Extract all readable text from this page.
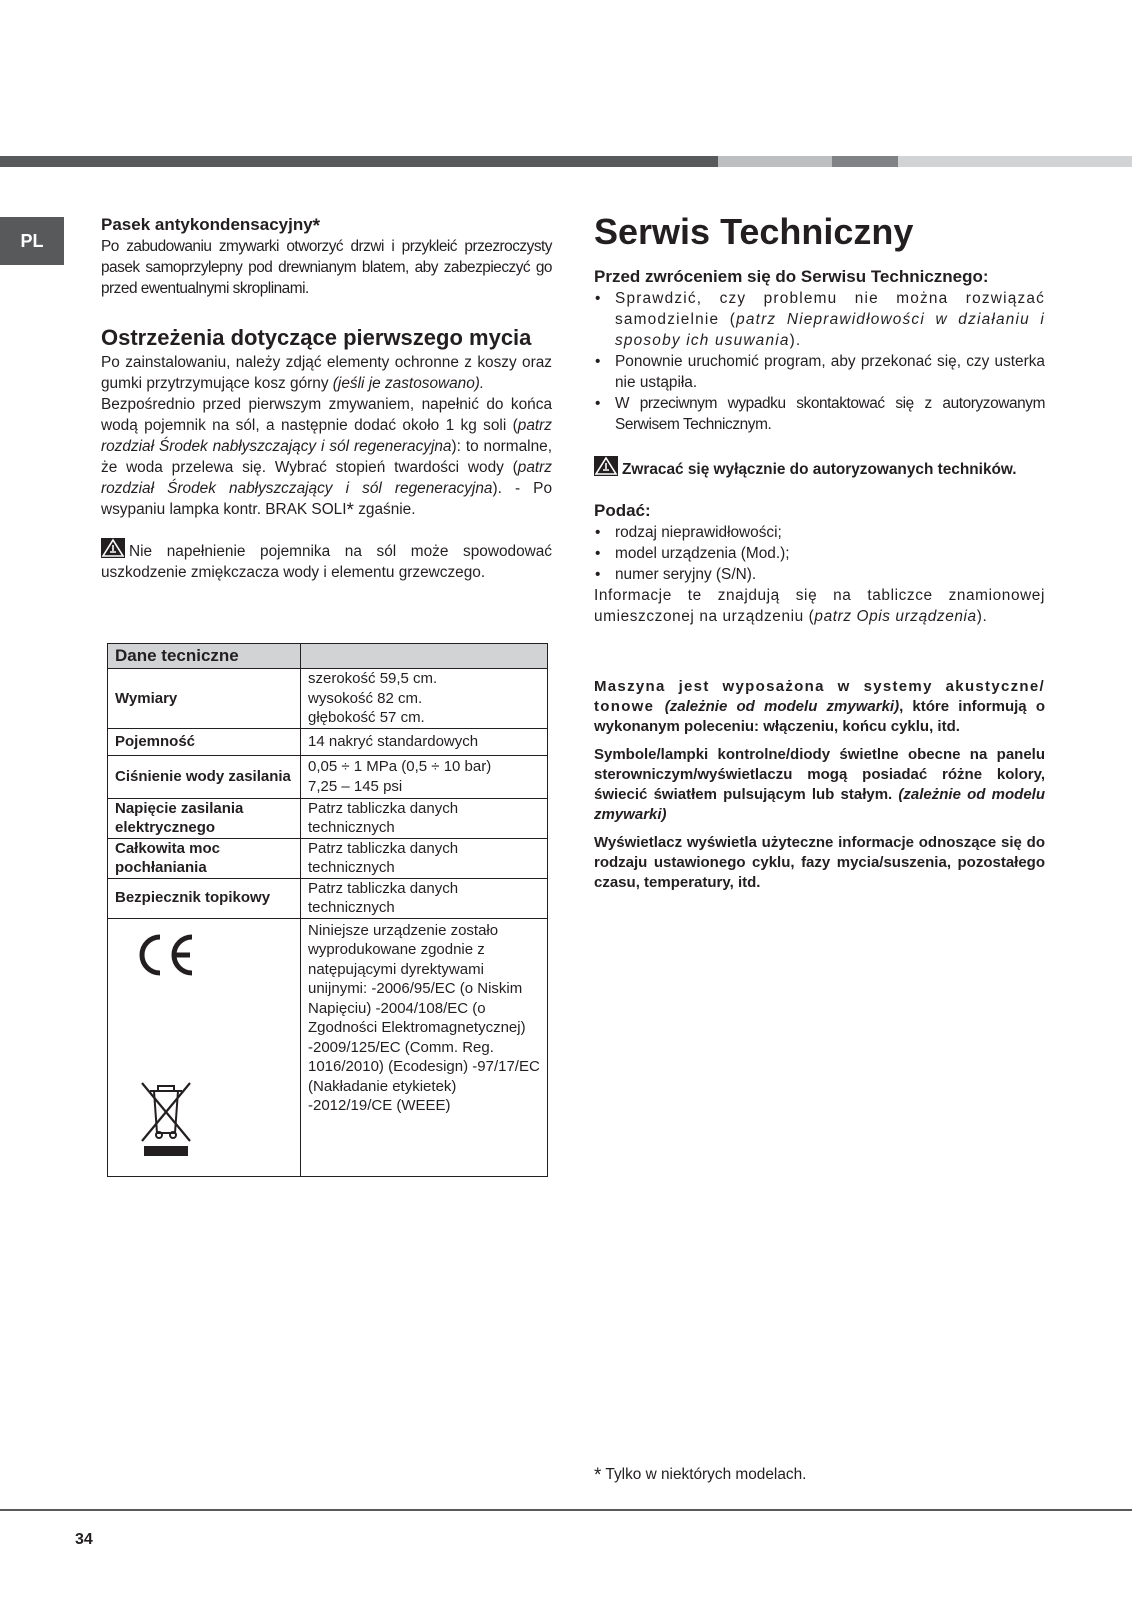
PL
Pasek antykondensacyjny*

Po zabudowaniu zmywarki otworzyć drzwi i przykleić przezroczysty pasek samoprzylepny pod drewnianym blatem, aby zabezpieczyć go przed ewentualnymi skroplinami.

Ostrzeżenia dotyczące pierwszego mycia

Po zainstalowaniu, należy zdjąć elementy ochronne z koszy oraz gumki przytrzymujące kosz górny (jeśli je zastosowano).

Bezpośrednio przed pierwszym zmywaniem, napełnić do końca wodą pojemnik na sól, a następnie dodać około 1 kg soli (patrz rozdział Środek nabłyszczający i sól regeneracyjna): to normalne, że woda przelewa się. Wybrać stopień twardości wody (patrz rozdział Środek nabłyszczający i sól regeneracyjna). - Po wsypaniu lampka kontr. BRAK SOLI* zgaśnie.

Nie napełnienie pojemnika na sól może spowodować uszkodzenie zmiękczacza wody i elementu grzewczego.

Dane tecniczne	
Wymiary	szerokość 59,5 cm.
wysokość 82 cm.
głębokość 57 cm.

Pojemność	14 nakryć standardowych
Ciśnienie wody zasilania	0,05 ÷ 1 MPa (0,5 ÷ 10 bar)
7,25 – 145 psi

Napięcie zasilania elektrycznego	Patrz tabliczka danych technicznych
Całkowita moc pochłaniania	Patrz tabliczka danych technicznych
Bezpiecznik topikowy	Patrz tabliczka danych technicznych

	Niniejsze urządzenie zostało wyprodukowane zgodnie z natępującymi dyrektywami unijnymi: -2006/95/EC (o Niskim Napięciu) -2004/108/EC (o Zgodności Elektromagnetycznej) -2009/125/EC (Comm. Reg. 1016/2010) (Ecodesign) -97/17/EC (Nakładanie etykietek) -2012/19/CE (WEEE)
Serwis Techniczny
Przed zwróceniem się do Serwisu Technicznego:
• Sprawdzić, czy problemu nie można rozwiązać samodzielnie (patrz Nieprawidłowości w działaniu i sposoby ich usuwania).
• Ponownie uruchomić program, aby przekonać się, czy usterka nie ustąpiła.
• W przeciwnym wypadku skontaktować się z autoryzowanym Serwisem Technicznym.

Zwracać się wyłącznie do autoryzowanych techników.

Podać:
• rodzaj nieprawidłowości;
• model urządzenia (Mod.);
• numer seryjny (S/N).

Informacje te znajdują się na tabliczce znamionowej umieszczonej na urządzeniu (patrz Opis urządzenia).

Maszyna jest wyposażona w systemy akustyczne/ tonowe (zależnie od modelu zmywarki), które informują o wykonanym poleceniu: włączeniu, końcu cyklu, itd.

Symbole/lampki kontrolne/diody świetlne obecne na panelu sterowniczym/wyświetlaczu mogą posiadać różne kolory, świecić światłem pulsującym lub stałym. (zależnie od modelu zmywarki)

Wyświetlacz wyświetla użyteczne informacje odnoszące się do rodzaju ustawionego cyklu, fazy mycia/suszenia, pozostałego czasu, temperatury, itd.

* Tylko w niektórych modelach.
34
